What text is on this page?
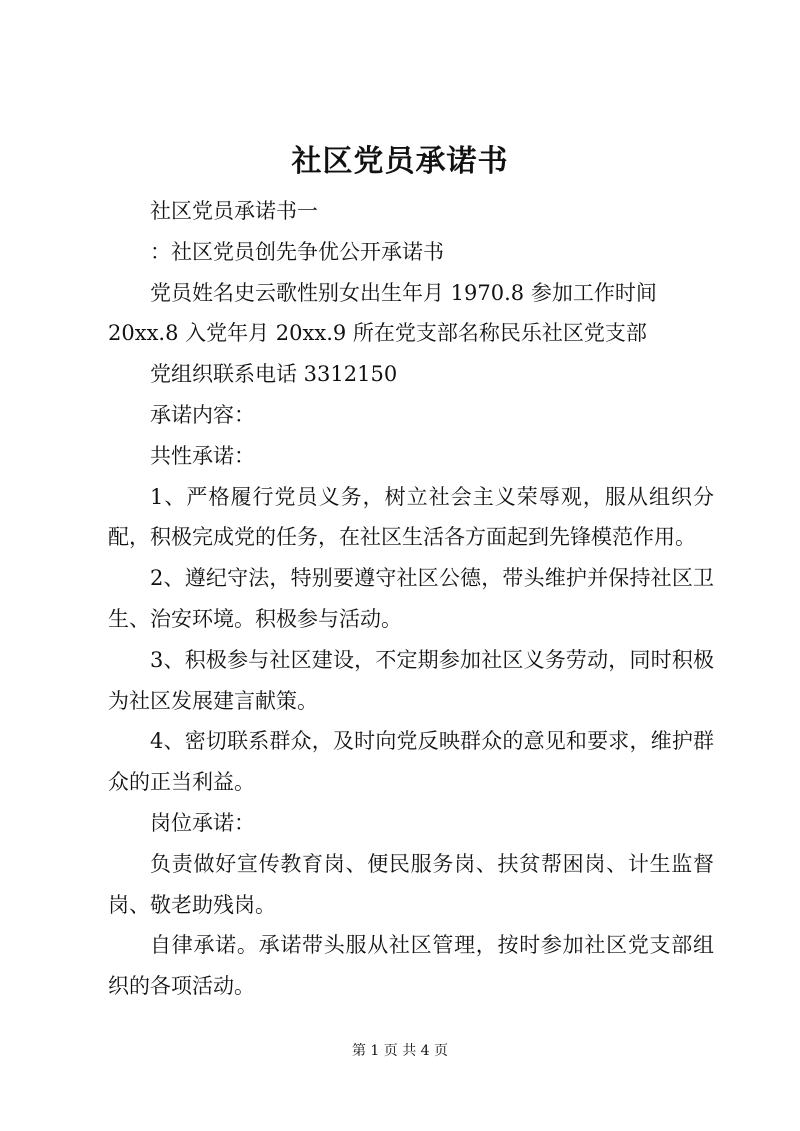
社区党员承诺书

社区党员承诺书一

：社区党员创先争优公开承诺书

党员姓名史云歌性别女出生年月 1970.8 参加工作时间
20xx.8 入党年月 20xx.9 所在党支部名称民乐社区党支部
党组织联系电话 3312150

承诺内容：

共性承诺：

1、严格履行党员义务，树立社会主义荣辱观，服从组织分配，积极完成党的任务，在社区生活各方面起到先锋模范作用。

2、遵纪守法，特别要遵守社区公德，带头维护并保持社区卫生、治安环境。积极参与活动。

3、积极参与社区建设，不定期参加社区义务劳动，同时积极为社区发展建言献策。

4、密切联系群众，及时向党反映群众的意见和要求，维护群众的正当利益。

岗位承诺：

负责做好宣传教育岗、便民服务岗、扶贫帮困岗、计生监督岗、敬老助残岗。

自律承诺。承诺带头服从社区管理，按时参加社区党支部组织的各项活动。

第 1 页 共 4 页
